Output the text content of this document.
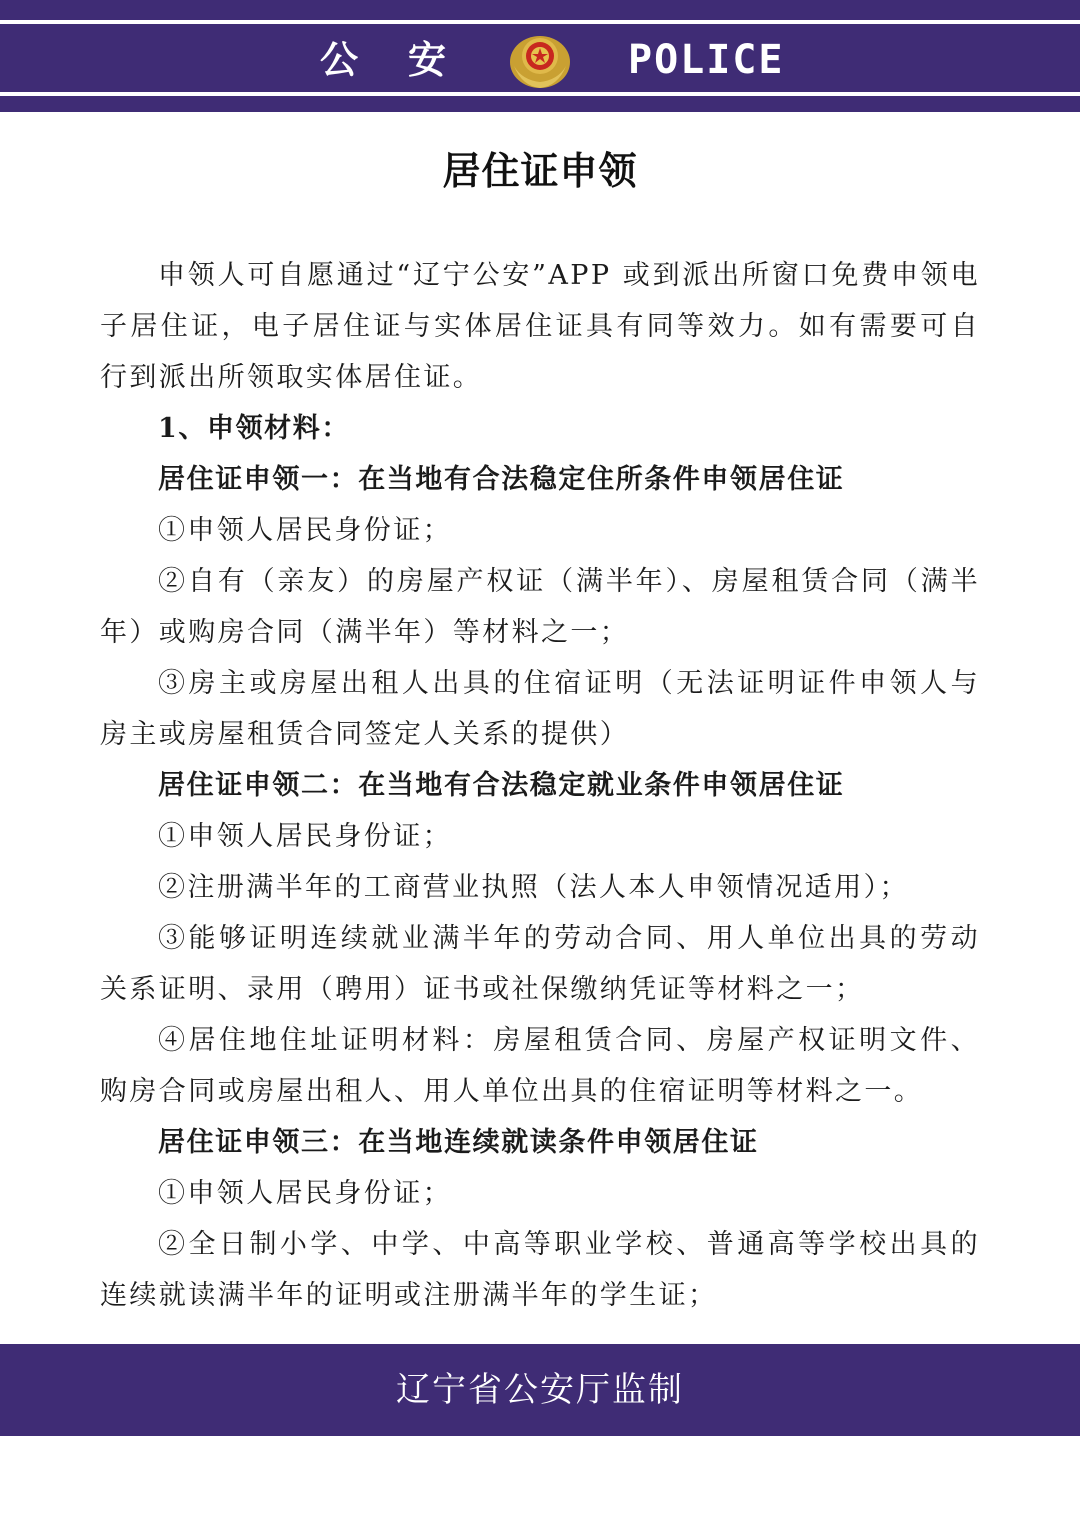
公 安	POLICE
居住证申领

申领人可自愿通过“辽宁公安”APP 或到派出所窗口免费申领电子居住证，电子居住证与实体居住证具有同等效力。如有需要可自行到派出所领取实体居住证。

1、申领材料：

居住证申领一：在当地有合法稳定住所条件申领居住证

①申领人居民身份证；

②自有（亲友）的房屋产权证（满半年）、房屋租赁合同（满半年）或购房合同（满半年）等材料之一；

③房主或房屋出租人出具的住宿证明（无法证明证件申领人与房主或房屋租赁合同签定人关系的提供）

居住证申领二：在当地有合法稳定就业条件申领居住证

①申领人居民身份证；

②注册满半年的工商营业执照（法人本人申领情况适用）；

③能够证明连续就业满半年的劳动合同、用人单位出具的劳动关系证明、录用（聘用）证书或社保缴纳凭证等材料之一；

④居住地住址证明材料：房屋租赁合同、房屋产权证明文件、购房合同或房屋出租人、用人单位出具的住宿证明等材料之一。

居住证申领三：在当地连续就读条件申领居住证

①申领人居民身份证；

②全日制小学、中学、中高等职业学校、普通高等学校出具的连续就读满半年的证明或注册满半年的学生证；

辽宁省公安厅监制
